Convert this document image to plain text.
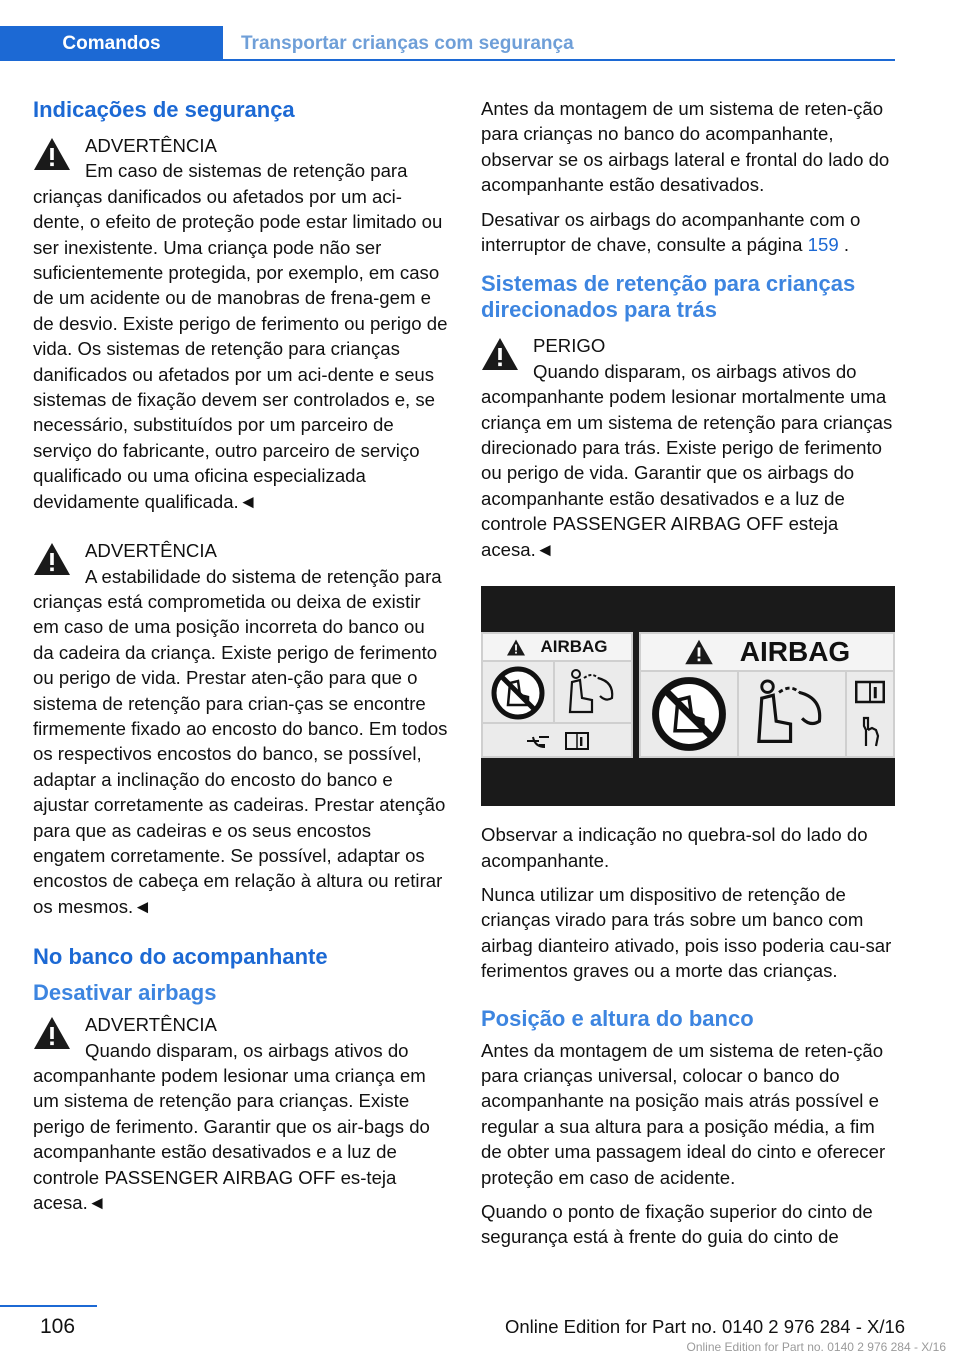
Comandos	Transportar crianças com segurança
Indicações de segurança
ADVERTÊNCIA
Em caso de sistemas de retenção para crianças danificados ou afetados por um aci-dente, o efeito de proteção pode estar limitado ou ser inexistente. Uma criança pode não ser suficientemente protegida, por exemplo, em caso de um acidente ou de manobras de frena-gem e de desvio. Existe perigo de ferimento ou perigo de vida. Os sistemas de retenção para crianças danificados ou afetados por um aci-dente e seus sistemas de fixação devem ser controlados e, se necessário, substituídos por um parceiro de serviço do fabricante, outro parceiro de serviço qualificado ou uma oficina especializada devidamente qualificada.◄
ADVERTÊNCIA
A estabilidade do sistema de retenção para crianças está comprometida ou deixa de existir em caso de uma posição incorreta do banco ou da cadeira da criança. Existe perigo de ferimento ou perigo de vida. Prestar aten-ção para que o sistema de retenção para crian-ças se encontre firmemente fixado ao encosto do banco. Em todos os respectivos encostos do banco, se possível, adaptar a inclinação do encosto do banco e ajustar corretamente as cadeiras. Prestar atenção para que as cadeiras e os seus encostos engatem corretamente. Se possível, adaptar os encostos de cabeça em relação à altura ou retirar os mesmos.◄
No banco do acompanhante
Desativar airbags
ADVERTÊNCIA
Quando disparam, os airbags ativos do acompanhante podem lesionar uma criança em um sistema de retenção para crianças. Existe perigo de ferimento. Garantir que os air-bags do acompanhante estão desativados e a luz de controle PASSENGER AIRBAG OFF es-teja acesa.◄

Antes da montagem de um sistema de reten-ção para crianças no banco do acompanhante, observar se os airbags lateral e frontal do lado do acompanhante estão desativados.

Desativar os airbags do acompanhante com o interruptor de chave, consulte a página 159 .

Sistemas de retenção para crianças direcionados para trás
PERIGO
Quando disparam, os airbags ativos do acompanhante podem lesionar mortalmente uma criança em um sistema de retenção para crianças direcionado para trás. Existe perigo de ferimento ou perigo de vida. Garantir que os airbags do acompanhante estão desativados e a luz de controle PASSENGER AIRBAG OFF esteja acesa.◄
AIRBAG	AIRBAG

Observar a indicação no quebra-sol do lado do acompanhante.

Nunca utilizar um dispositivo de retenção de crianças virado para trás sobre um banco com airbag dianteiro ativado, pois isso poderia cau-sar ferimentos graves ou a morte das crianças.

Posição e altura do banco

Antes da montagem de um sistema de reten-ção para crianças universal, colocar o banco do acompanhante na posição mais atrás possível e regular a sua altura para a posição média, a fim de obter uma passagem ideal do cinto e oferecer proteção em caso de acidente.

Quando o ponto de fixação superior do cinto de segurança está à frente do guia do cinto de

106	Online Edition for Part no. 0140 2 976 284 - X/16
Online Edition for Part no. 0140 2 976 284 - X/16
